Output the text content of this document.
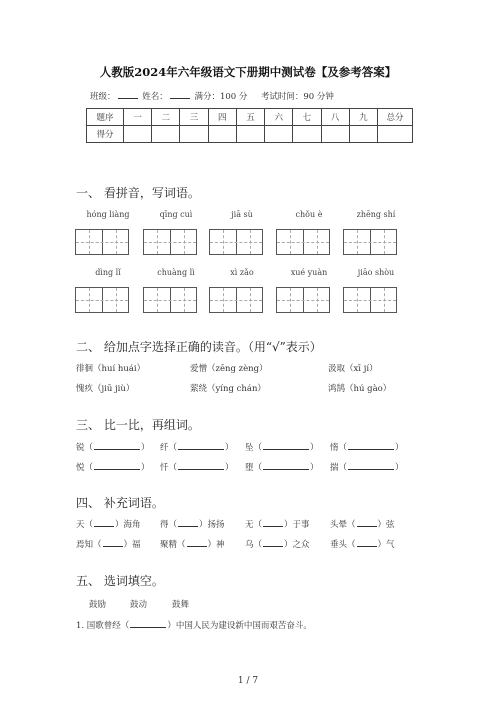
人教版2024年六年级语文下册期中测试卷【及参考答案】
班级：	姓名：	满分：100 分 考试时间：90 分钟
题序	一	二	三	四	五	六	七	八	九	总分
得分										
一、 看拼音，写词语。
hóng liàng	qīng cuì	jiā sù	chǒu è	zhēng shí
dìng lǐ	chuàng lì	xì zǎo	xué yuàn	jiāo shòu
二、 给加点字选择正确的读音。（用“√”表示）
徘徊（huí huái）	爱憎（zēng zèng）	汲取（xī jí）
愧疚（jiū jiù）	萦绕（yíng chán）	鸿鹄（hú gào）
三、 比一比，再组词。
锐（	） 纤（	） 坠（	） 惰（	）
悦（	） 忏（	） 堕（	） 揣（	）
四、 补充词语。
天（	）海角 得（	）扬扬 无（	）于事 头晕（	）弦
焉知（	）福 聚精（	）神 乌（	）之众 垂头（	）气
五、 选词填空。
鼓励	鼓动	鼓舞
1. 国歌曾经（	）中国人民为建设新中国而艰苦奋斗。
1 / 7
